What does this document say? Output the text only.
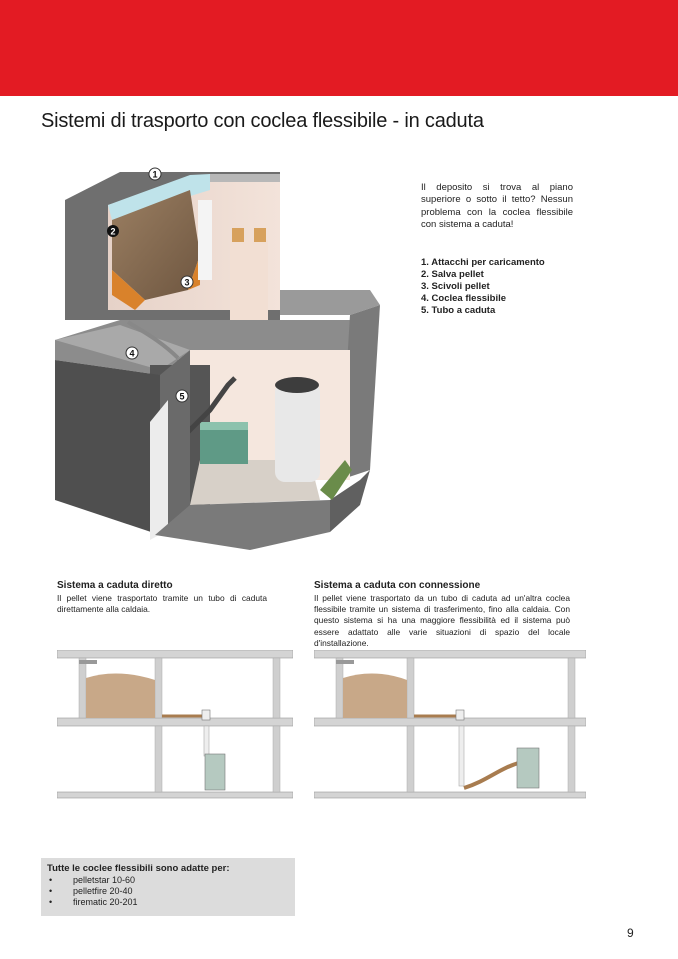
Sistemi di trasporto con coclea flessibile - in caduta
1
2
3
4
5

Il deposito si trova al piano superiore o sotto il tetto? Nessun problema con la coclea flessibile con sistema a caduta!

1. Attacchi per caricamento
2. Salva pellet
3. Scivoli pellet
4. Coclea flessibile
5. Tubo a caduta
Sistema a caduta diretto

Il pellet viene trasportato tramite un tubo di caduta direttamente alla caldaia.

Sistema a caduta con connessione

Il pellet viene trasportato da un tubo di caduta ad un'altra coclea flessibile tramite un sistema di trasferimento, fino alla caldaia. Con questo sistema si ha una maggiore flessibilità ed il sistema può essere adattato alle varie situazioni di spazio del locale d'installazione.

Tutte le coclee flessibili sono adatte per:

• pelletstar 10-60
• pelletfire 20-40
• firematic 20-201
9
